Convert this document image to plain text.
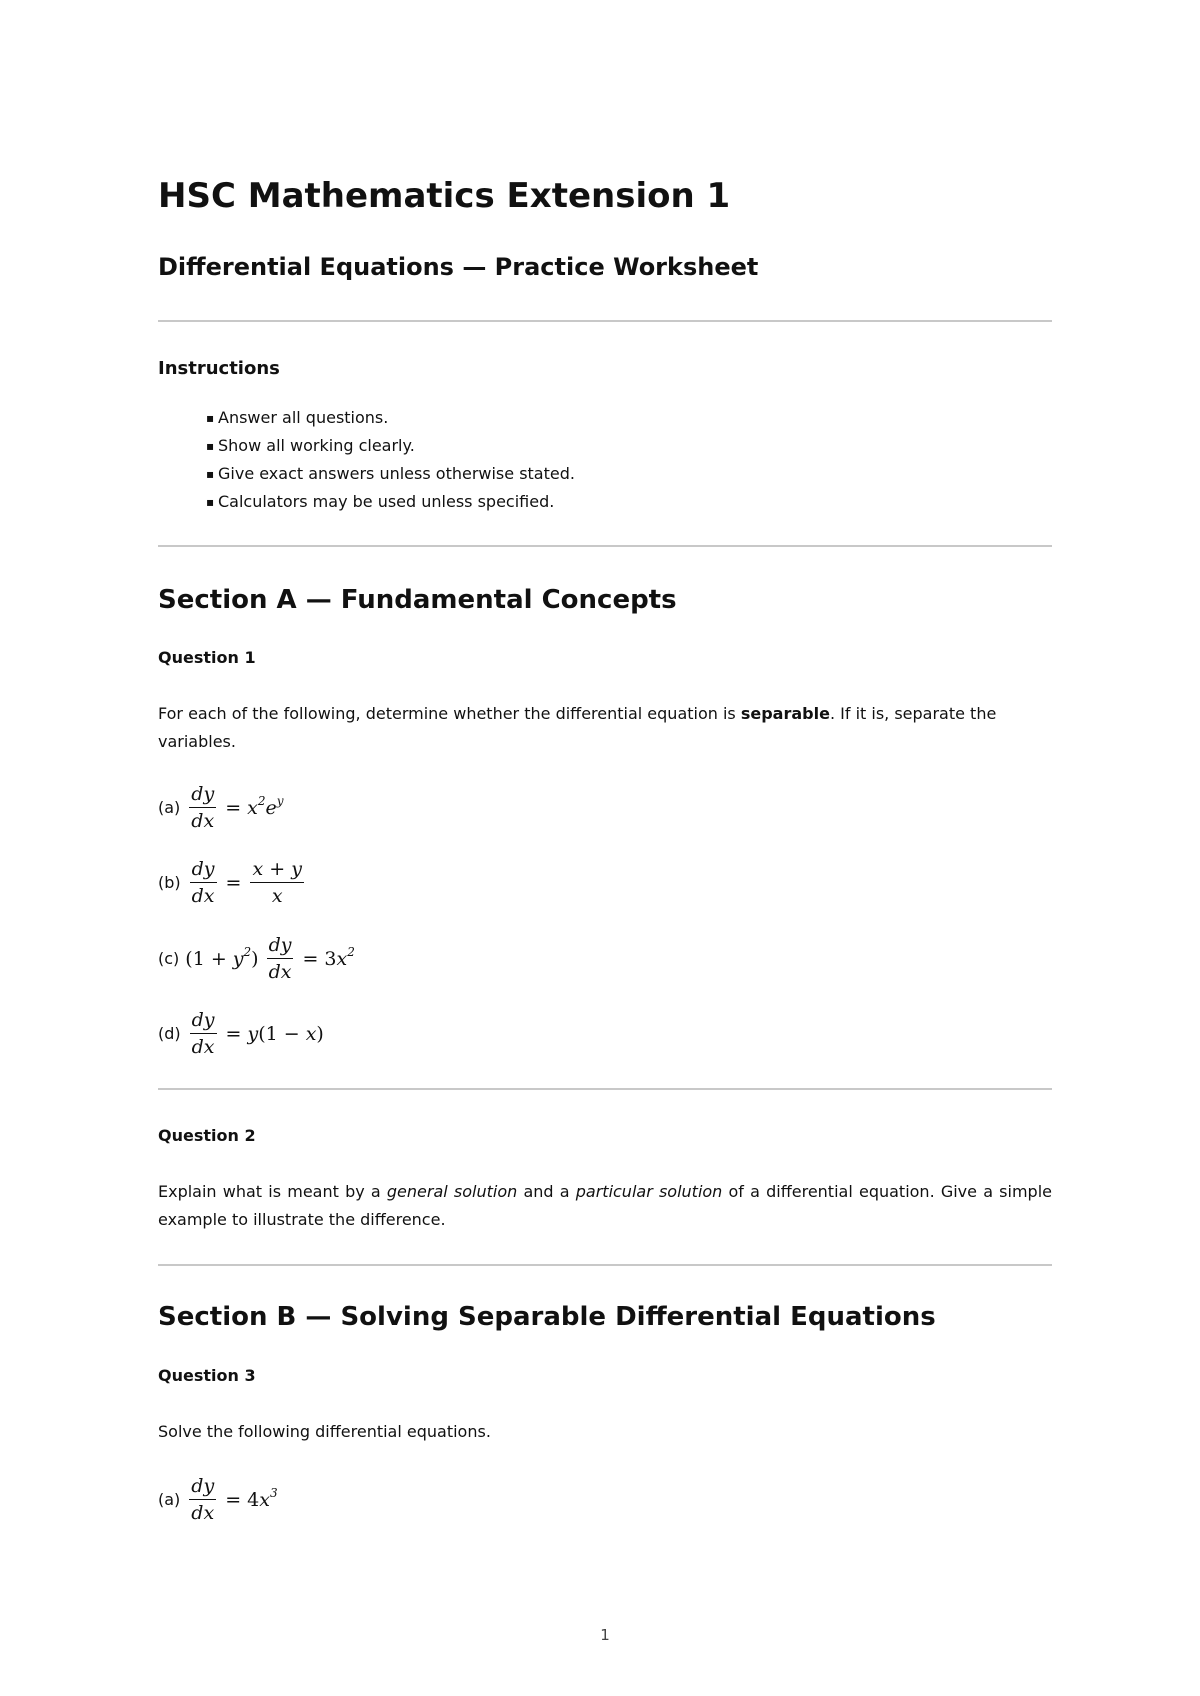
HSC Mathematics Extension 1
Differential Equations — Practice Worksheet
Instructions
▪ Answer all questions.
▪ Show all working clearly.
▪ Give exact answers unless otherwise stated.
▪ Calculators may be used unless specified.
Section A — Fundamental Concepts
Question 1

For each of the following, determine whether the differential equation is separable. If it is, separate the variables.

$(a) \frac{dy}{dx} = x^2e^y$
$(b) \frac{dy}{dx} = \frac{x + y}{x}$
(c) $(1 + y^2) \frac{dy}{dx} = 3x^2$
$(d) \frac{dy}{dx} = y(1 - x)$
Question 2

Explain what is meant by a general solution and a particular solution of a differential equation. Give a simple example to illustrate the difference.

Section B — Solving Separable Differential Equations
Question 3

Solve the following differential equations.

$(a) \frac{dy}{dx} = 4x^3$
1
